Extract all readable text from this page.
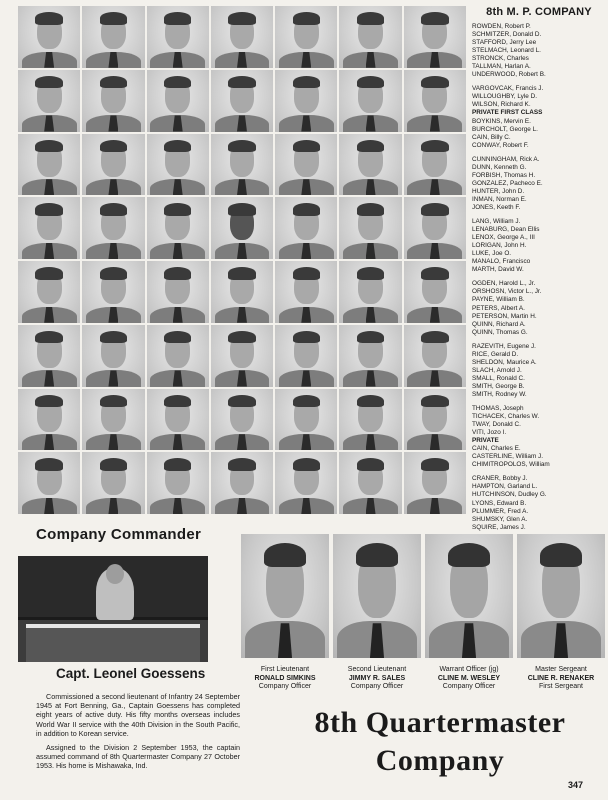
8th M. P. COMPANY
ROWDEN, Robert P.
SCHMITZER, Donald D.
STAFFORD, Jerry Lee
STELMACH, Leonard L.
STRONCK, Charles
TALLMAN, Harlan A.
UNDERWOOD, Robert B.
VARGOVCAK, Francis J.
WILLOUGHBY, Lyle D.
WILSON, Richard K.
PRIVATE FIRST CLASS
BOYKINS, Mervin E.
BURCHOLT, George L.
CAIN, Billy C.
CONWAY, Robert F.
CUNNINGHAM, Rick A.
DUNN, Kenneth G.
FORBISH, Thomas H.
GONZALEZ, Pacheco E.
HUNTER, John D.
INMAN, Norman E.
JONES, Keeth F.
LANG, William J.
LENABURG, Dean Ellis
LENOX, George A., III
LORIGAN, John H.
LUKE, Joe O.
MANALO, Francisco
MARTH, David W.
OGDEN, Harold L., Jr.
ORSHOSN, Victor L., Jr.
PAYNE, William B.
PETERS, Albert A.
PETERSON, Martin H.
QUINN, Richard A.
QUINN, Thomas G.
RAZEVITH, Eugene J.
RICE, Gerald D.
SHELDON, Maurice A.
SLACH, Arnold J.
SMALL, Ronald C.
SMITH, George B.
SMITH, Rodney W.
THOMAS, Joseph
TICHACEK, Charles W.
TWAY, Donald C.
VITI, Jozo I.
PRIVATE
CAIN, Charles E.
CASTERLINE, William J.
CHIMITROPOLOS, William
CRANER, Bobby J.
HAMPTON, Garland L.
HUTCHINSON, Dudley G.
LYONS, Edward B.
PLUMMER, Fred A.
SHUMSKY, Glen A.
SQUIRE, James J.
Company Commander
Capt. Leonel Goessens

Commissioned a second lieutenant of Infantry 24 September 1945 at Fort Benning, Ga., Captain Goessens has completed eight years of active duty. His fifty months overseas includes World War II service with the 40th Division in the South Pacific, in addition to Korean service.

Assigned to the Division 2 September 1953, the captain assumed command of 8th Quartermaster Company 27 October 1953. His home is Mishawaka, Ind.

First Lieutenant
RONALD SIMKINS
Company Officer
Second Lieutenant
JIMMY R. SALES
Company Officer
Warrant Officer (jg)
CLINE M. WESLEY
Company Officer
Master Sergeant
CLINE R. RENAKER
First Sergeant
8th Quartermaster
Company
347
